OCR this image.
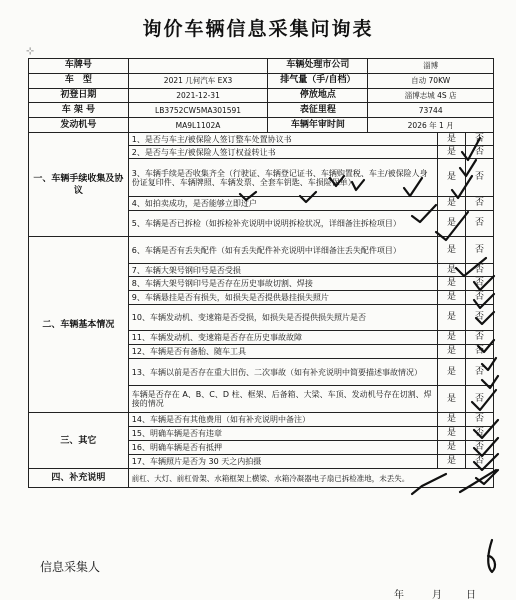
询价车辆信息采集问询表
⊹
车牌号		车辆处理市公司	淄博
车　型	2021 几何汽车 EX3	排气量（手/自档）	自动 70KW
初登日期	2021-12-31	停放地点	淄博志城 4S 店
车 架 号	LB3752CW5MA301591	表征里程	73744
发动机号	MA9L1102A	车辆年审时间	2026 年 1 月
一、车辆手续收集及协议	1、是否与车主/被保险人签订整车处置协议书	是	否
	2、是否与车主/被保险人签订权益转让书	是	否
	3、车辆手续是否收集齐全（行驶证、车辆登记证书、车辆购置税、车主/被保险人身份证复印件、车辆牌照、车辆发票、全套车钥匙、车损险保单）	是	否
	4、如拍卖成功，是否能够立即过户	是	否
	5、车辆是否已拆检（如拆检补充说明中说明拆检状况，详细备注拆检项目）	是	否
二、车辆基本情况	6、车辆是否有丢失配件（如有丢失配件补充说明中详细备注丢失配件项目）	是	否
	7、车辆大架号钢印号是否受损	是	否
	8、车辆大架号钢印号是否存在历史事故切割、焊接	是	否
	9、车辆悬挂是否有损失，如损失是否提供悬挂损失照片	是	否
	10、车辆发动机、变速箱是否受损，如损失是否提供损失照片是否	是	否
	11、车辆发动机、变速箱是否存在历史事故故障	是	否
	12、车辆是否有备胎、随车工具	是	否
	13、车辆以前是否存在重大旧伤、二次事故（如有补充说明中简要描述事故情况）	是	否
	车辆是否存在 A、B、C、D 柱、框架、后备箱、大梁、车顶、发动机号存在切割、焊接的情况	是	否
三、其它	14、车辆是否有其他费用（如有补充说明中备注）	是	否
	15、明确车辆是否有违章	是	否
	16、明确车辆是否有抵押	是	否
	17、车辆照片是否为 30 天之内拍摄	是	否
四、补充说明	前杠、大灯、前杠骨架、水箱框架上横梁、水箱冷凝器电子扇已拆检准地，未丢失。		
信息采集人
年	月 日
